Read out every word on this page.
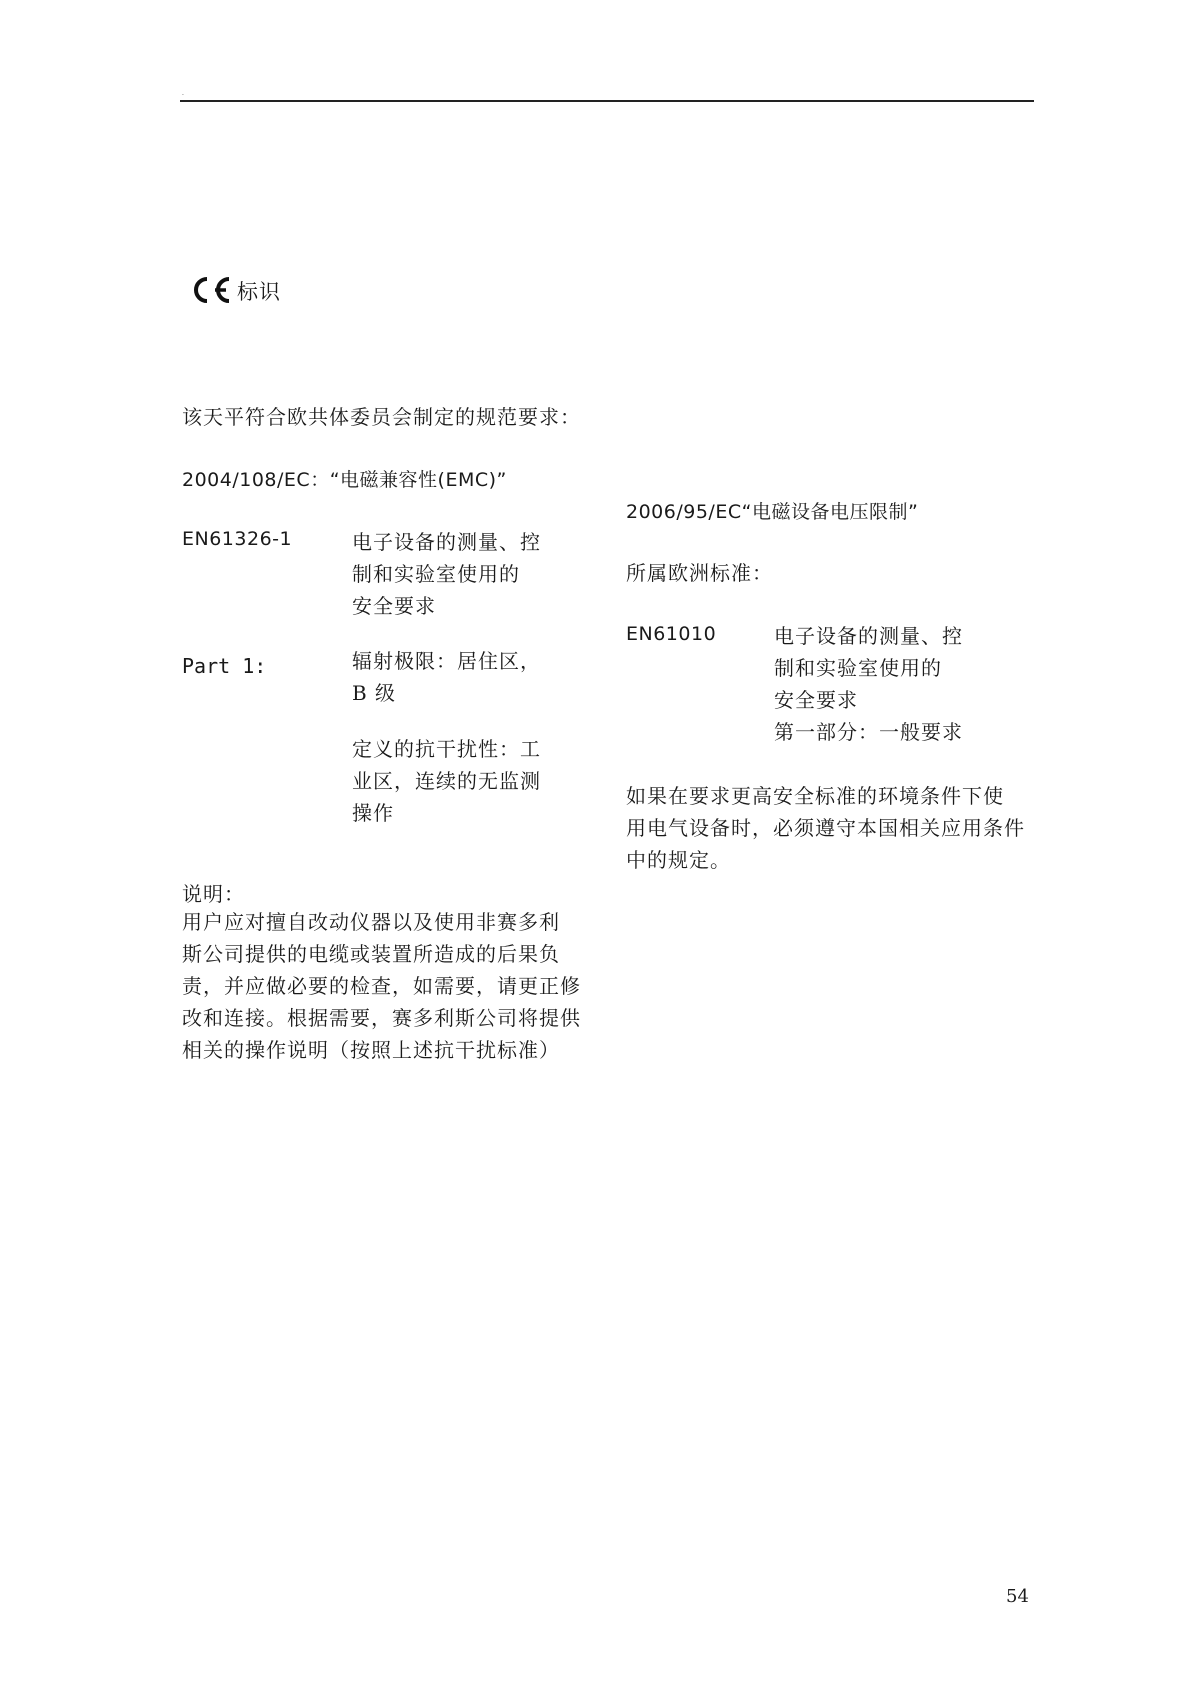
.
标识
该天平符合欧共体委员会制定的规范要求：
2004/108/EC：“电磁兼容性(EMC)”
EN61326-1	电子设备的测量、控
制和实验室使用的
安全要求
Part 1:	辐射极限：居住区，
B 级
定义的抗干扰性：工
业区，连续的无监测
操作
说明：
用户应对擅自改动仪器以及使用非赛多利
斯公司提供的电缆或装置所造成的后果负
责，并应做必要的检查，如需要，请更正修
改和连接。根据需要，赛多利斯公司将提供
相关的操作说明（按照上述抗干扰标准）
2006/95/EC“电磁设备电压限制”
所属欧洲标准：
EN61010	电子设备的测量、控
制和实验室使用的
安全要求
第一部分：一般要求
如果在要求更高安全标准的环境条件下使
用电气设备时，必须遵守本国相关应用条件
中的规定。
54
